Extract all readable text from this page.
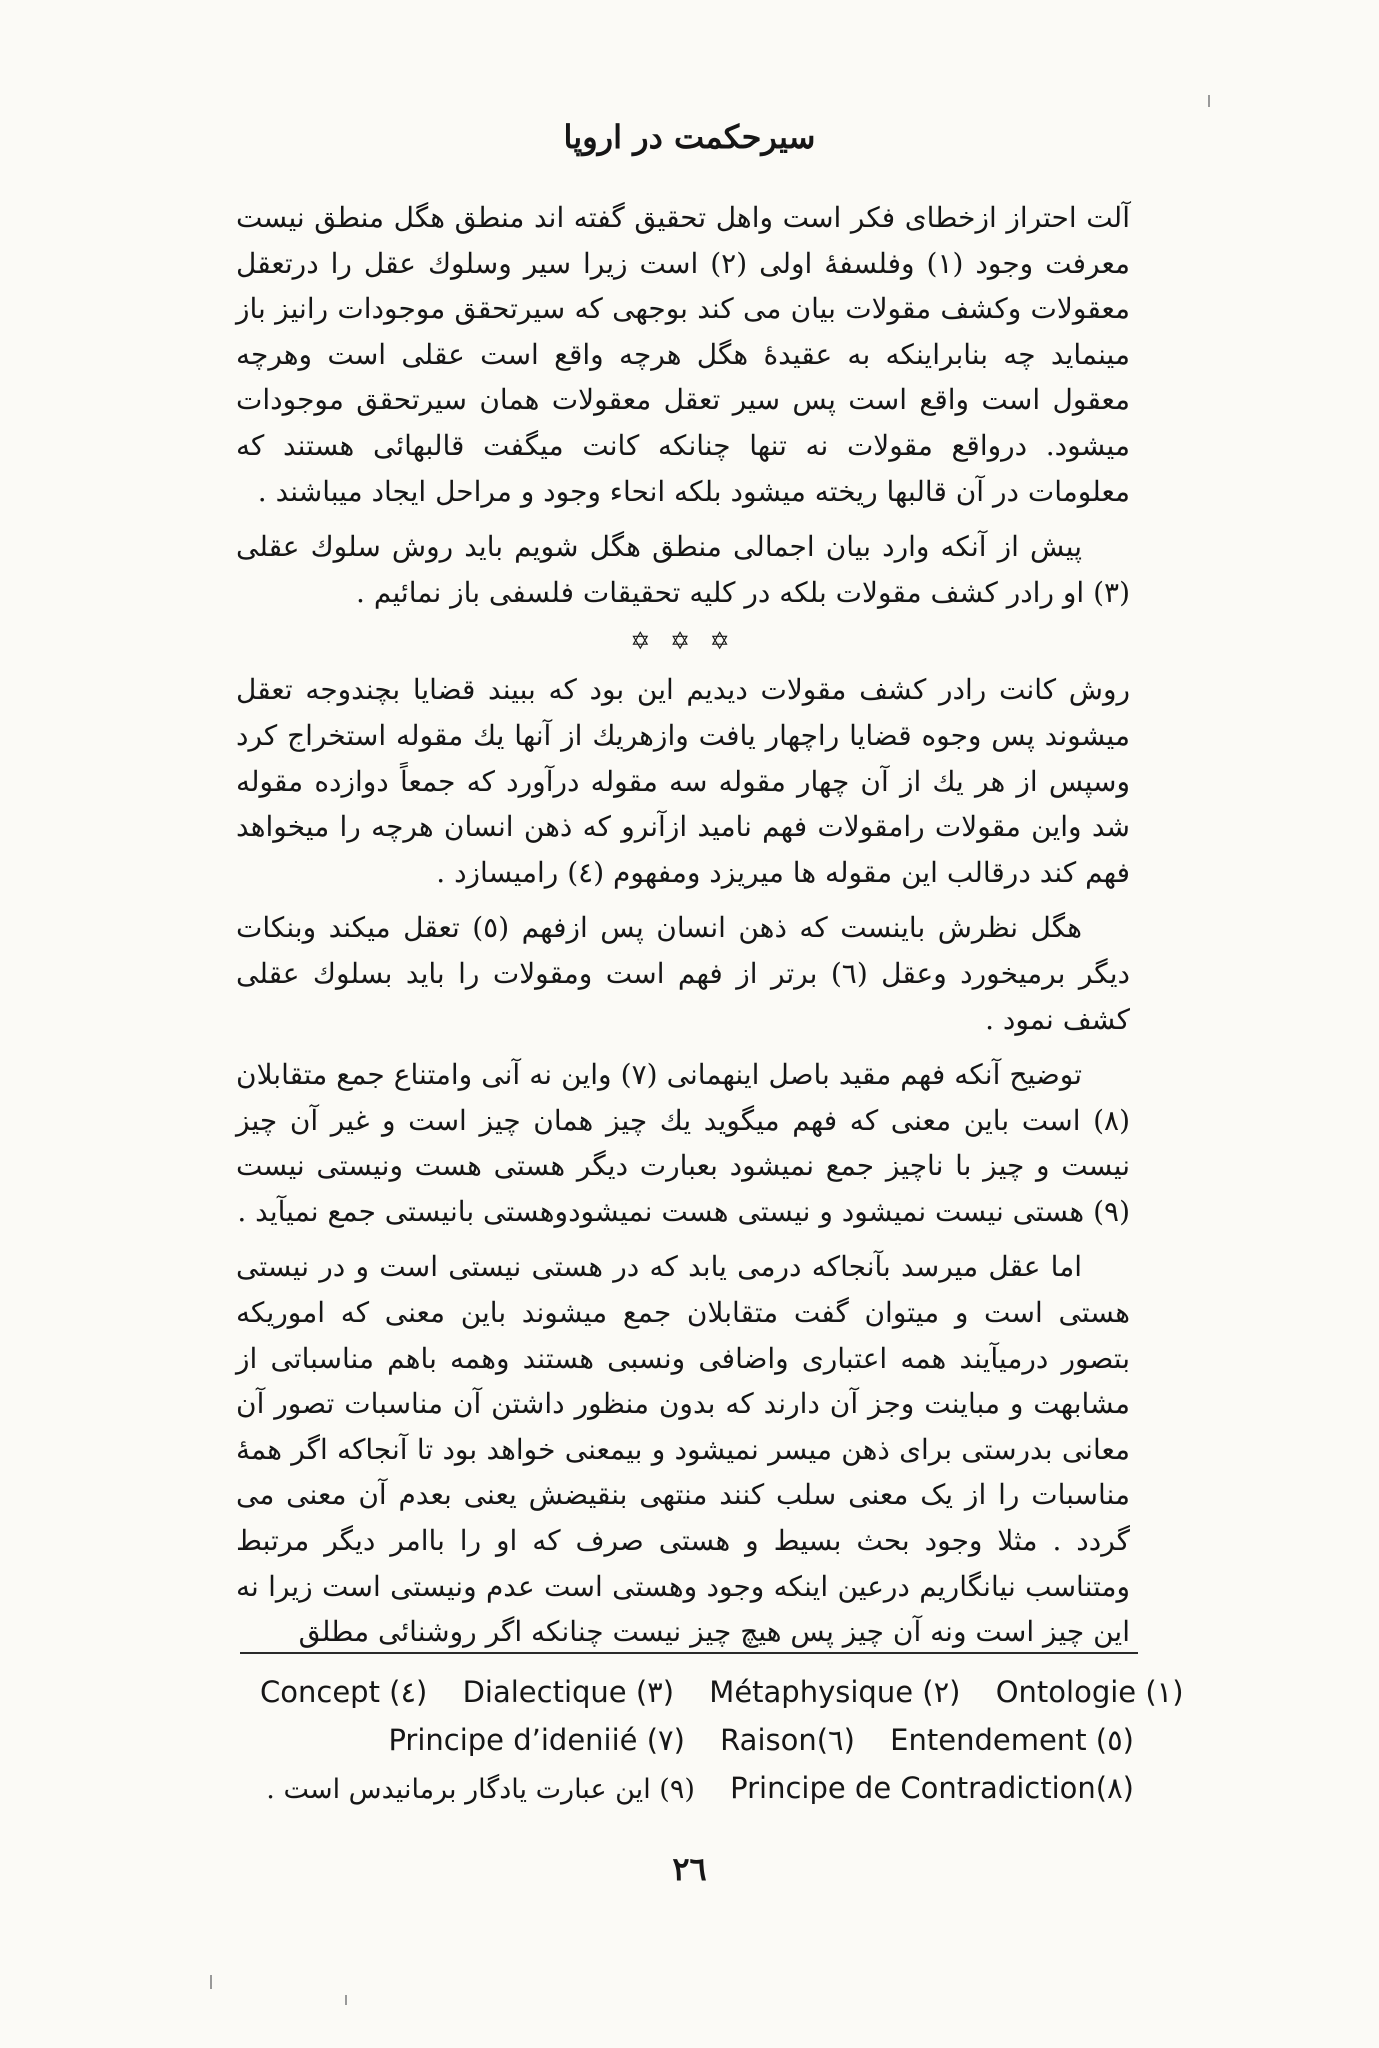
سیرحکمت در اروپا

آلت احتراز ازخطای فکر است واهل تحقیق گفته اند منطق هگل منطق نیست معرفت وجود (۱) وفلسفهٔ اولی (۲) است زیرا سیر وسلوك عقل را درتعقل معقولات وکشف مقولات بیان می کند بوجهی که سیرتحقق موجودات رانیز باز مینماید چه بنابراینکه به عقیدهٔ هگل هرچه واقع است عقلی است وهرچه معقول است واقع است پس سیر تعقل معقولات همان سیرتحقق موجودات میشود. درواقع مقولات نه تنها چنانکه کانت میگفت قالبهائی هستند که معلومات در آن قالبها ریخته میشود بلکه انحاء وجود و مراحل ایجاد میباشند .

پیش از آنکه وارد بیان اجمالی منطق هگل شویم باید روش سلوك عقلی (۳) او رادر کشف مقولات بلکه در کلیه تحقیقات فلسفی باز نمائیم .

✡ ✡ ✡

روش کانت رادر کشف مقولات دیدیم این بود که ببیند قضایا بچندوجه تعقل میشوند پس وجوه قضایا راچهار یافت وازهریك از آنها یك مقوله استخراج کرد وسپس از هر یك از آن چهار مقوله سه مقوله درآورد که جمعاً دوازده مقوله شد واین مقولات رامقولات فهم نامید ازآنرو که ذهن انسان هرچه را میخواهد فهم کند درقالب این مقوله ها میریزد ومفهوم (٤) رامیسازد .

هگل نظرش باینست که ذهن انسان پس ازفهم (٥) تعقل میکند وبنکات دیگر برمیخورد وعقل (٦) برتر از فهم است ومقولات را باید بسلوك عقلی کشف نمود .

توضیح آنکه فهم مقید باصل اینهمانی (۷) واین نه آنی وامتناع جمع متقابلان (۸) است باین معنی که فهم میگوید یك چیز همان چیز است و غیر آن چیز نیست و چیز با ناچیز جمع نمیشود بعبارت دیگر هستی هست ونیستی نیست (۹) هستی نیست نمیشود و نیستی هست نمیشودوهستی بانیستی جمع نمیآید .

اما عقل میرسد بآنجاکه درمی یابد که در هستی نیستی است و در نیستی هستی است و میتوان گفت متقابلان جمع میشوند باین معنی که اموریکه بتصور درمیآیند همه اعتباری واضافی ونسبی هستند وهمه باهم مناسباتی از مشابهت و مباینت وجز آن دارند که بدون منظور داشتن آن مناسبات تصور آن معانی بدرستی برای ذهن میسر نمیشود و بیمعنی خواهد بود تا آنجاکه اگر همهٔ مناسبات را از یک معنی سلب کنند منتهی بنقیضش یعنی بعدم آن معنی می گردد . مثلا وجود بحث بسیط و هستی صرف که او را باامر دیگر مرتبط ومتناسب نیانگاریم درعین اینکه وجود وهستی است عدم ونیستی است زیرا نه این چیز است ونه آن چیز پس هیچ چیز نیست چنانکه اگر روشنائی مطلق

Concept (٤) Dialectique (۳) Métaphysique (۲) Ontologie (۱)
Principe d’ideniié (۷) Raison(٦) Entendement (٥)
(۹) این عبارت یادگار برمانیدس است . Principe de Contradiction(۸)
۲٦
